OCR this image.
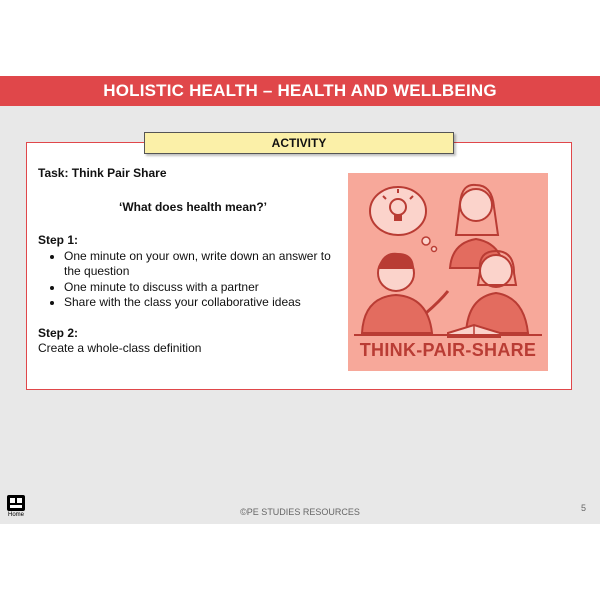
HOLISTIC HEALTH – HEALTH AND WELLBEING
ACTIVITY
Task: Think Pair Share
‘What does health mean?’
Step 1:
• One minute on your own, write down an answer to the question
• One minute to discuss with a partner
• Share with the class your collaborative ideas
Step 2:
Create a whole-class definition	THINK-PAIR-SHARE
Home	©PE STUDIES RESOURCES	5
